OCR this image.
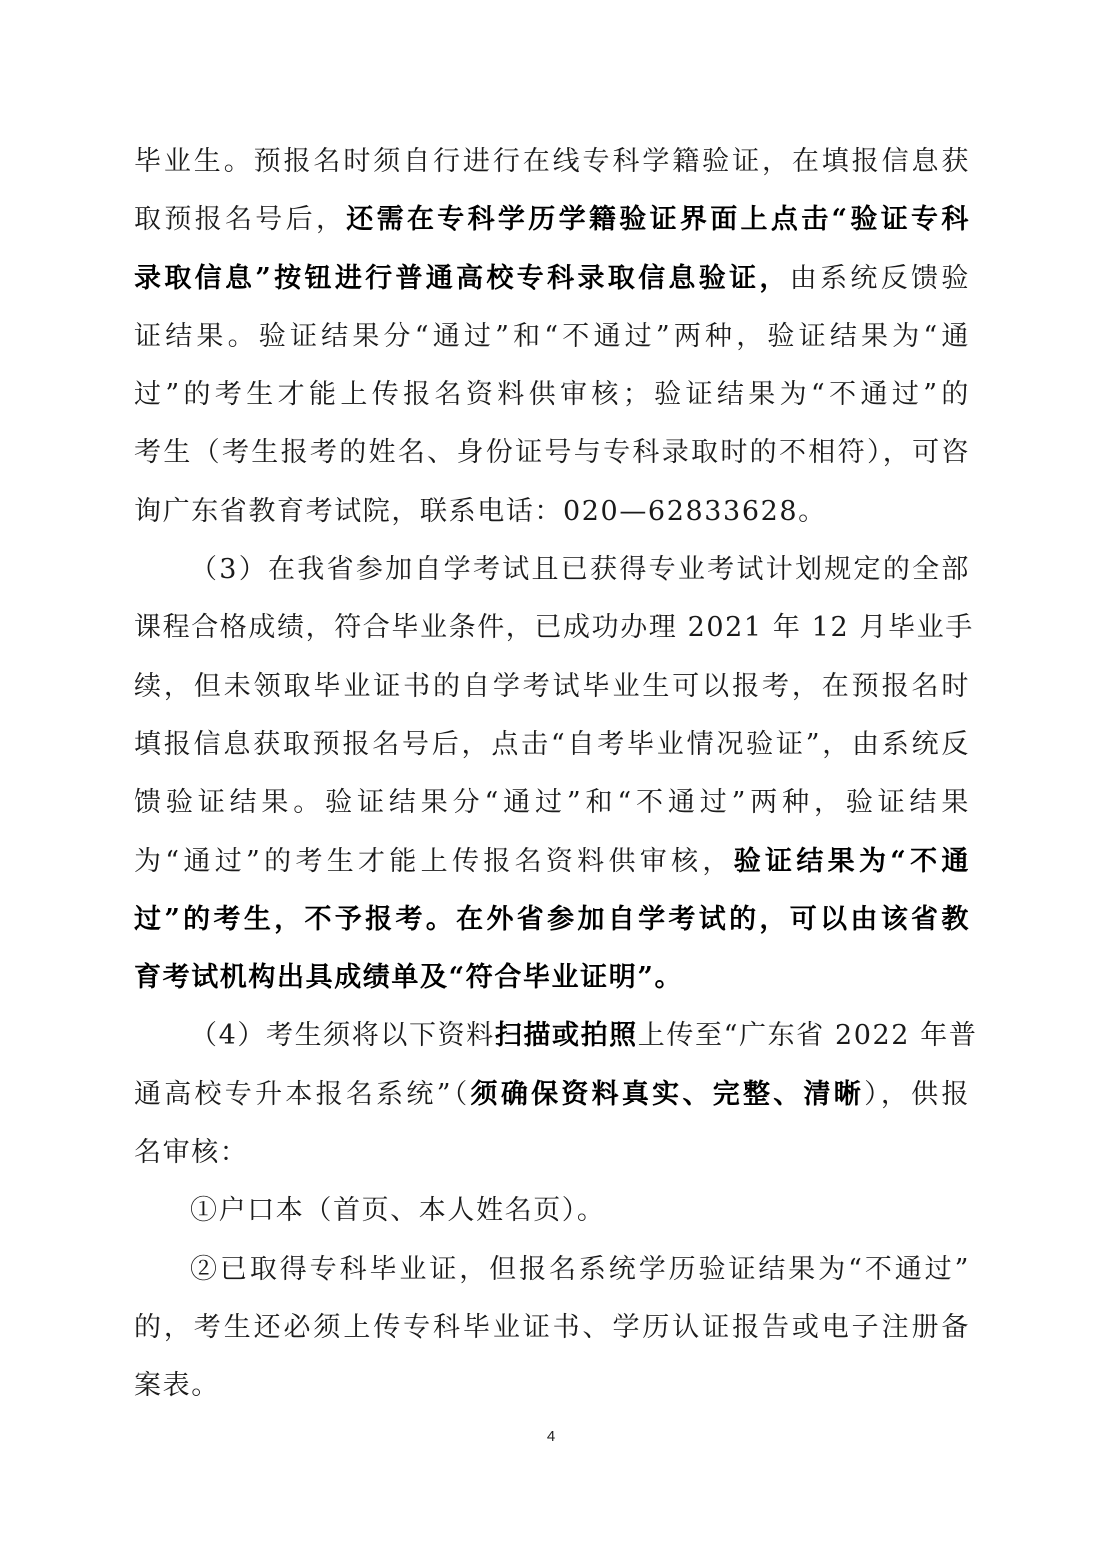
毕业生。预报名时须自行进行在线专科学籍验证，在填报信息获
取预报名号后，还需在专科学历学籍验证界面上点击“验证专科
录取信息”按钮进行普通高校专科录取信息验证，由系统反馈验
证结果。验证结果分“通过”和“不通过”两种，验证结果为“通
过”的考生才能上传报名资料供审核；验证结果为“不通过”的
考生（考生报考的姓名、身份证号与专科录取时的不相符），可咨
询广东省教育考试院，联系电话：020—62833628。
（3）在我省参加自学考试且已获得专业考试计划规定的全部
课程合格成绩，符合毕业条件，已成功办理 2021 年 12 月毕业手
续，但未领取毕业证书的自学考试毕业生可以报考，在预报名时
填报信息获取预报名号后，点击“自考毕业情况验证”，由系统反
馈验证结果。验证结果分“通过”和“不通过”两种，验证结果
为“通过”的考生才能上传报名资料供审核，验证结果为“不通
过”的考生，不予报考。在外省参加自学考试的，可以由该省教
育考试机构出具成绩单及“符合毕业证明”。
（4）考生须将以下资料扫描或拍照上传至“广东省 2022 年普
通高校专升本报名系统”（须确保资料真实、完整、清晰），供报
名审核：
①户口本（首页、本人姓名页）。
②已取得专科毕业证，但报名系统学历验证结果为“不通过”
的，考生还必须上传专科毕业证书、学历认证报告或电子注册备
案表。
4
